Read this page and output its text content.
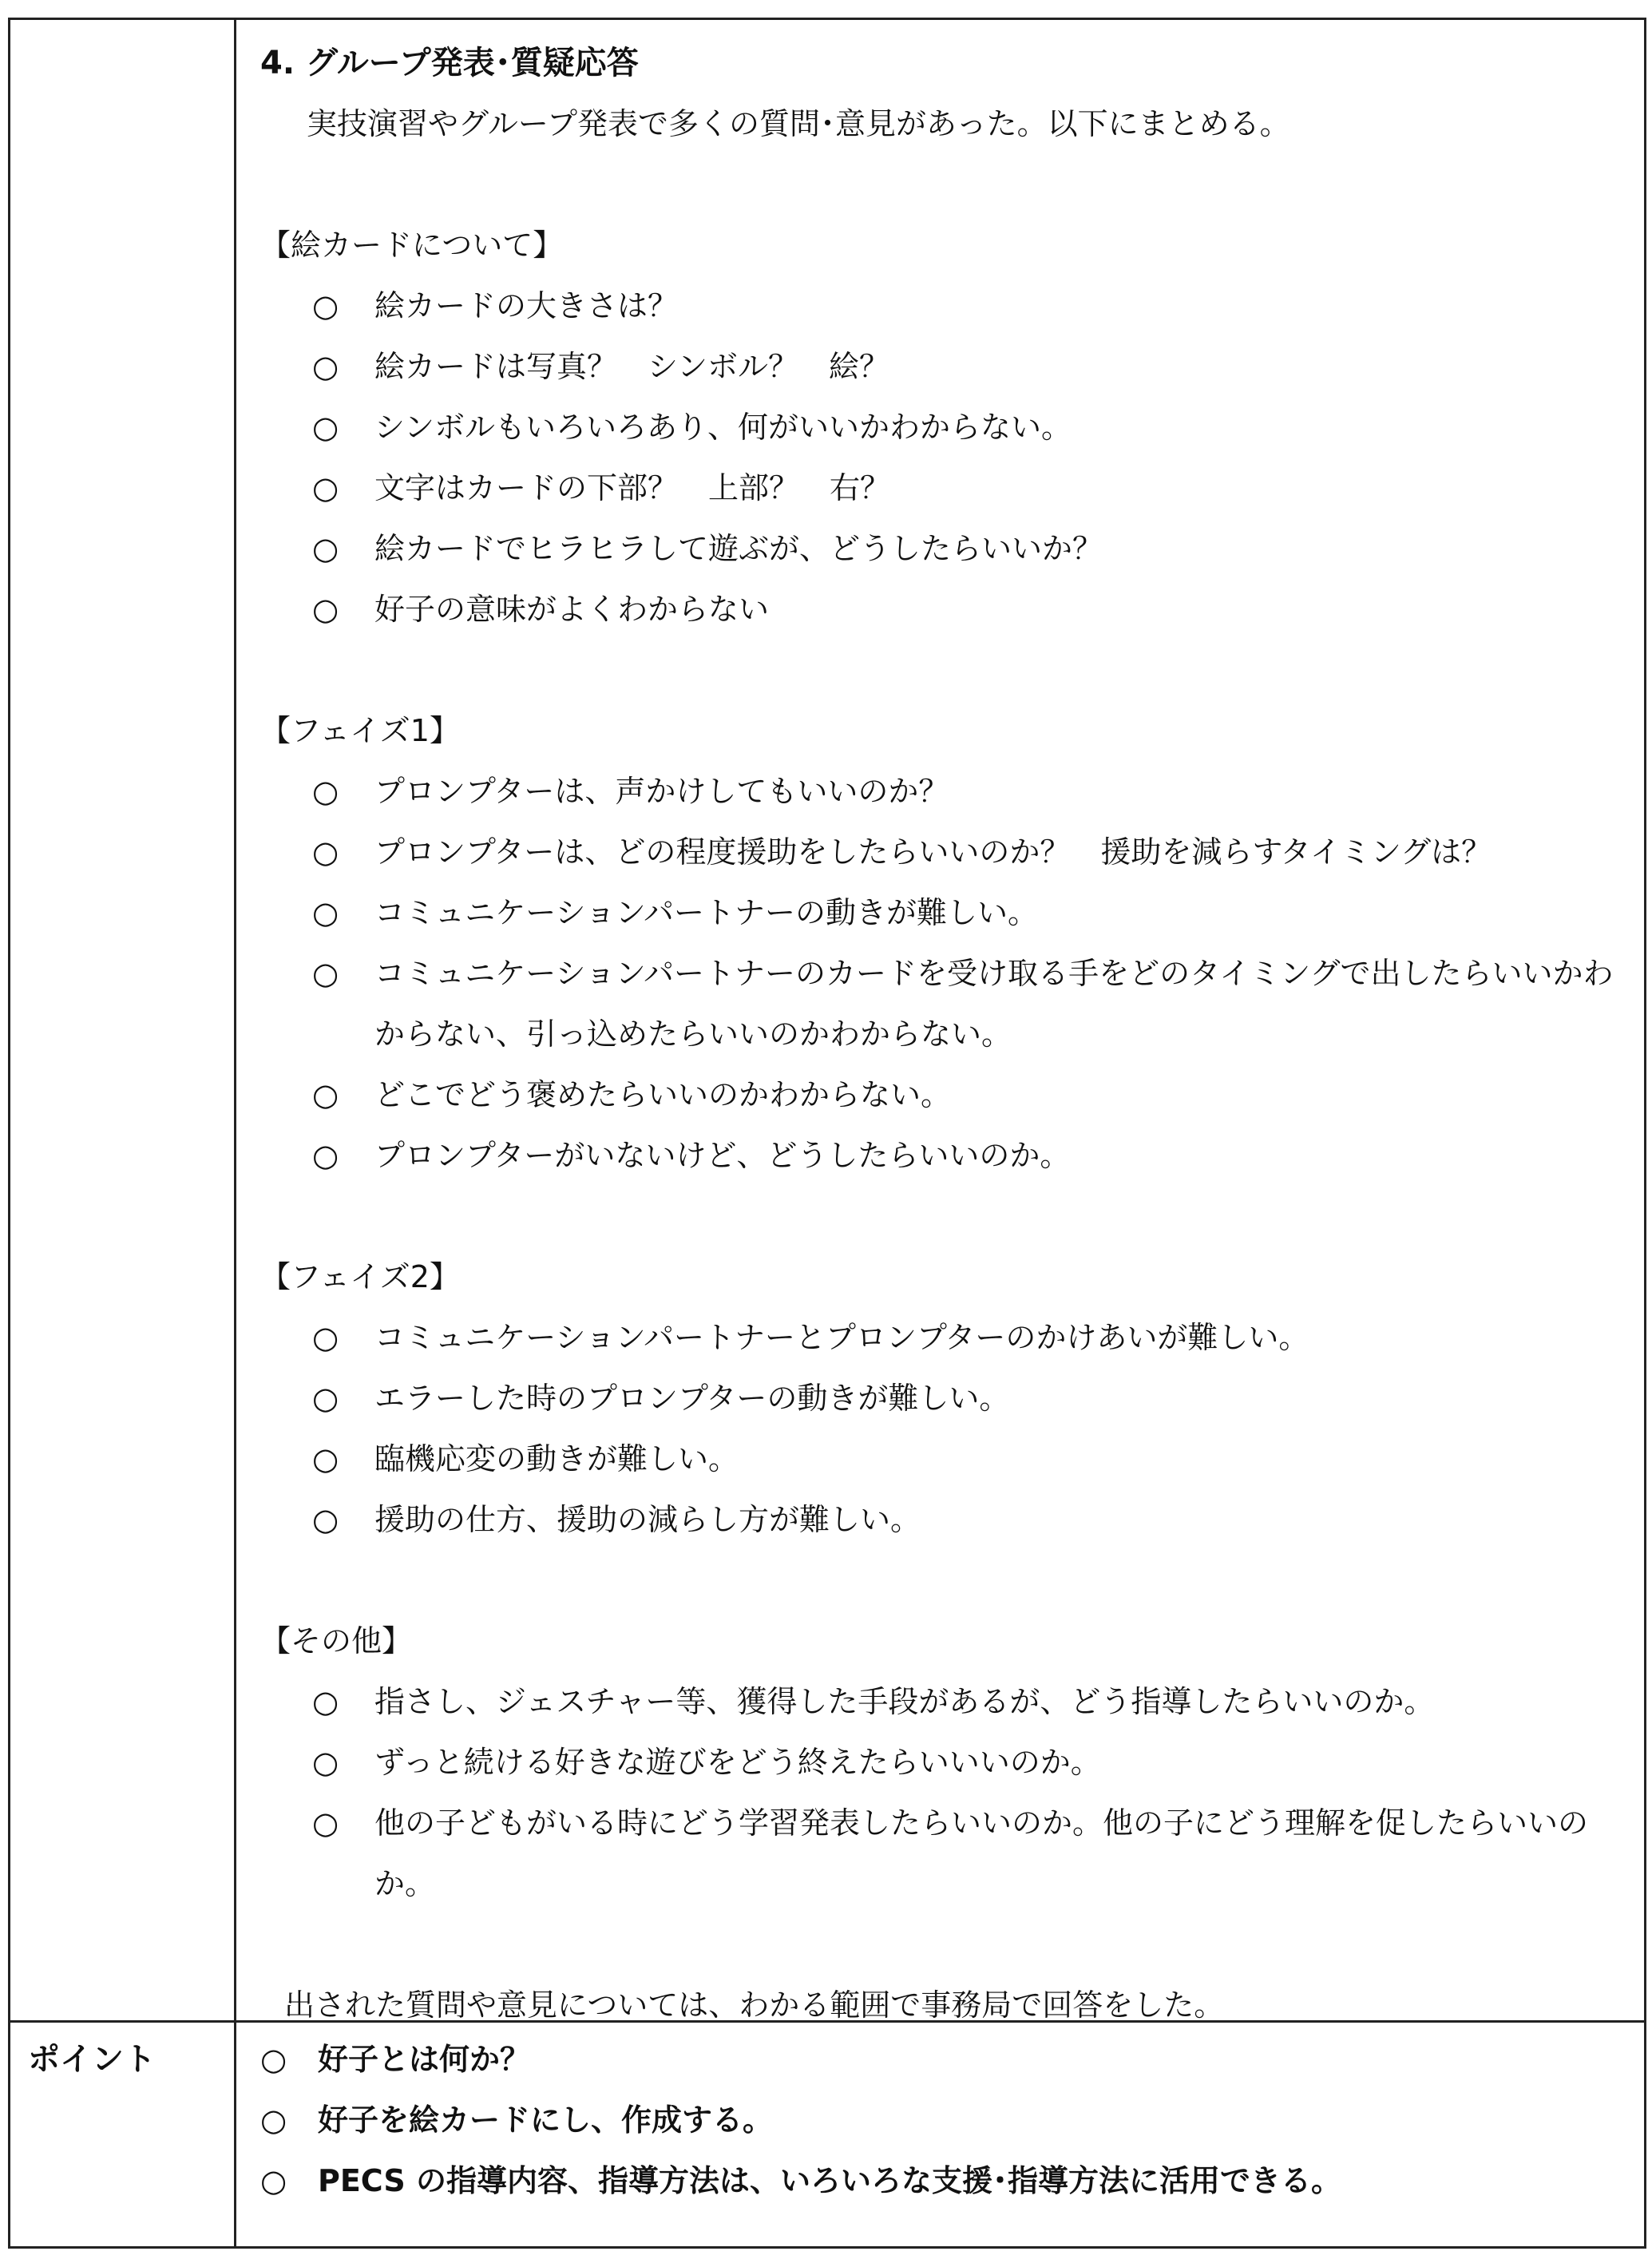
4. グループ発表･質疑応答

実技演習やグループ発表で多くの質問･意見があった。以下にまとめる。

【絵カードについて】

○	絵カードの大きさは？
○	絵カードは写真？　シンボル？　絵？
○	シンボルもいろいろあり、何がいいかわからない。
○	文字はカードの下部？　上部？　右？
○	絵カードでヒラヒラして遊ぶが、どうしたらいいか？
○	好子の意味がよくわからない

【フェイズ1】

○	プロンプターは、声かけしてもいいのか？
○	プロンプターは、どの程度援助をしたらいいのか？　援助を減らすタイミングは？
○	コミュニケーションパートナーの動きが難しい。
○	コミュニケーションパートナーのカードを受け取る手をどのタイミングで出したらいいかわからない、引っ込めたらいいのかわからない。
○	どこでどう褒めたらいいのかわからない。
○	プロンプターがいないけど、どうしたらいいのか。

【フェイズ2】

○	コミュニケーションパートナーとプロンプターのかけあいが難しい。
○	エラーした時のプロンプターの動きが難しい。
○	臨機応変の動きが難しい。
○	援助の仕方、援助の減らし方が難しい。

【その他】

○	指さし、ジェスチャー等、獲得した手段があるが、どう指導したらいいのか。
○	ずっと続ける好きな遊びをどう終えたらいいいのか。
○	他の子どもがいる時にどう学習発表したらいいのか。他の子にどう理解を促したらいいのか。

出された質問や意見については、わかる範囲で事務局で回答をした。

ポイント	○	好子とは何か？
○	好子を絵カードにし、作成する。
○	PECS の指導内容、指導方法は、いろいろな支援･指導方法に活用できる。
